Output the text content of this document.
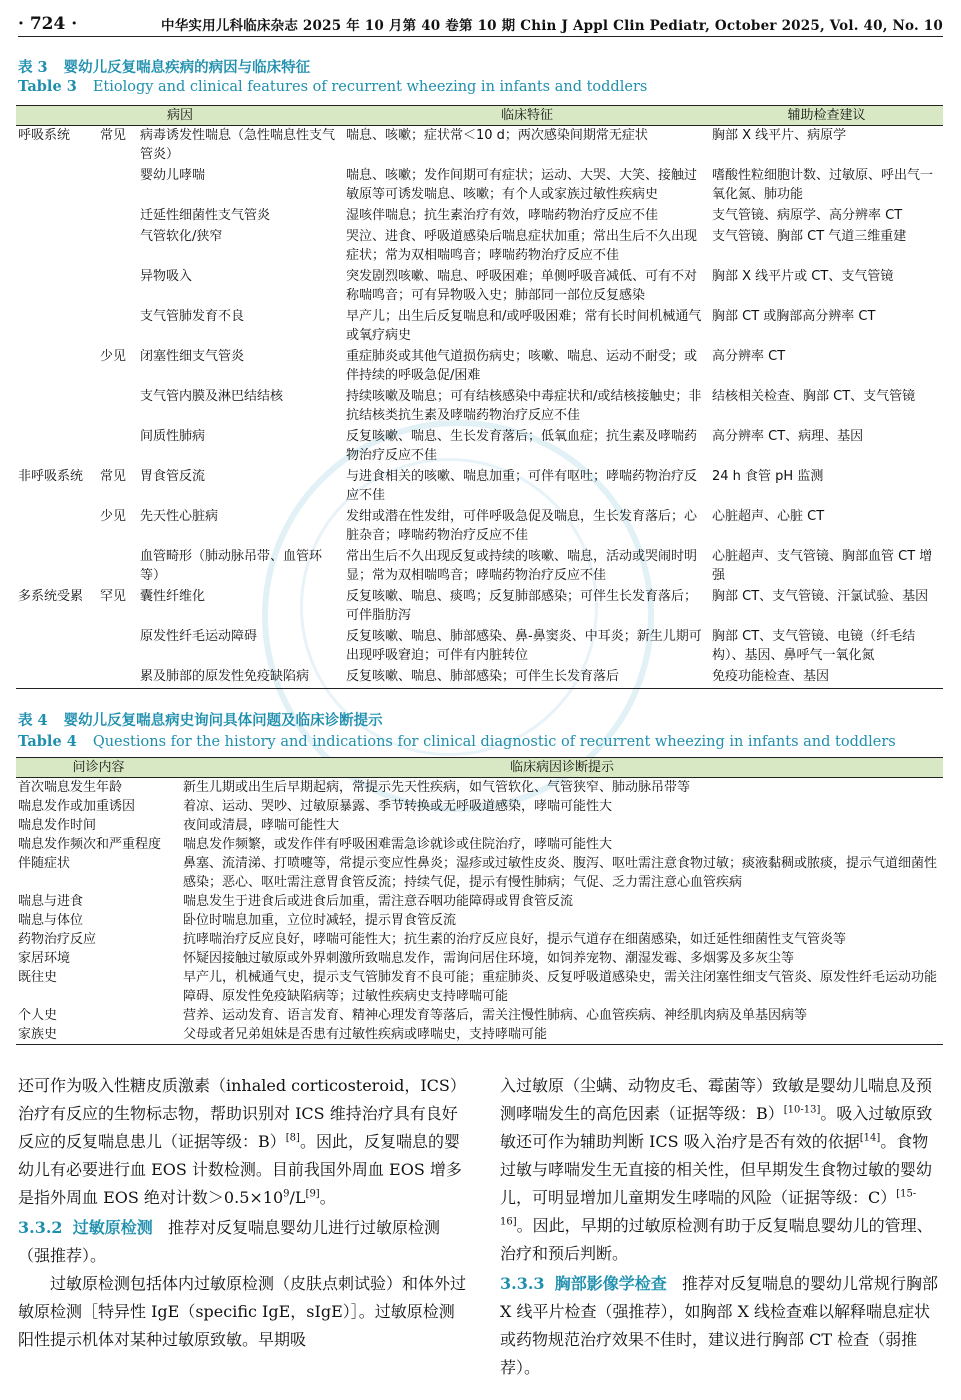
· 724 ·	中华实用儿科临床杂志 2025 年 10 月第 40 卷第 10 期 Chin J Appl Clin Pediatr, October 2025, Vol. 40, No. 10
表 3 婴幼儿反复喘息疾病的病因与临床特征
Table 3 Etiology and clinical features of recurrent wheezing in infants and toddlers
病因			临床特征	辅助检查建议
呼吸系统	常见	病毒诱发性喘息（急性喘息性支气管炎）	喘息、咳嗽；症状常＜10 d；两次感染间期常无症状	胸部 X 线平片、病原学
		婴幼儿哮喘	喘息、咳嗽；发作间期可有症状；运动、大哭、大笑、接触过敏原等可诱发喘息、咳嗽；有个人或家族过敏性疾病史	嗜酸性粒细胞计数、过敏原、呼出气一氧化氮、肺功能
		迁延性细菌性支气管炎	湿咳伴喘息；抗生素治疗有效，哮喘药物治疗反应不佳	支气管镜、病原学、高分辨率 CT
		气管软化/狭窄	哭泣、进食、呼吸道感染后喘息症状加重；常出生后不久出现症状；常为双相喘鸣音；哮喘药物治疗反应不佳	支气管镜、胸部 CT 气道三维重建
		异物吸入	突发剧烈咳嗽、喘息、呼吸困难；单侧呼吸音减低、可有不对称喘鸣音；可有异物吸入史；肺部同一部位反复感染	胸部 X 线平片或 CT、支气管镜
		支气管肺发育不良	早产儿；出生后反复喘息和/或呼吸困难；常有长时间机械通气或氧疗病史	胸部 CT 或胸部高分辨率 CT
	少见	闭塞性细支气管炎	重症肺炎或其他气道损伤病史；咳嗽、喘息、运动不耐受；或伴持续的呼吸急促/困难	高分辨率 CT
		支气管内膜及淋巴结结核	持续咳嗽及喘息；可有结核感染中毒症状和/或结核接触史；非抗结核类抗生素及哮喘药物治疗反应不佳	结核相关检查、胸部 CT、支气管镜
		间质性肺病	反复咳嗽、喘息、生长发育落后；低氧血症；抗生素及哮喘药物治疗反应不佳	高分辨率 CT、病理、基因
非呼吸系统	常见	胃食管反流	与进食相关的咳嗽、喘息加重；可伴有呕吐；哮喘药物治疗反应不佳	24 h 食管 pH 监测
	少见	先天性心脏病	发绀或潜在性发绀，可伴呼吸急促及喘息，生长发育落后；心脏杂音；哮喘药物治疗反应不佳	心脏超声、心脏 CT
		血管畸形（肺动脉吊带、血管环等）	常出生后不久出现反复或持续的咳嗽、喘息，活动或哭闹时明显；常为双相喘鸣音；哮喘药物治疗反应不佳	心脏超声、支气管镜、胸部血管 CT 增强
多系统受累	罕见	囊性纤维化	反复咳嗽、喘息、痰鸣；反复肺部感染；可伴生长发育落后；可伴脂肪泻	胸部 CT、支气管镜、汗氯试验、基因
		原发性纤毛运动障碍	反复咳嗽、喘息、肺部感染、鼻-鼻窦炎、中耳炎；新生儿期可出现呼吸窘迫；可伴有内脏转位	胸部 CT、支气管镜、电镜（纤毛结构）、基因、鼻呼气一氧化氮
		累及肺部的原发性免疫缺陷病	反复咳嗽、喘息、肺部感染；可伴生长发育落后	免疫功能检查、基因
表 4 婴幼儿反复喘息病史询问具体问题及临床诊断提示
Table 4 Questions for the history and indications for clinical diagnostic of recurrent wheezing in infants and toddlers
问诊内容	临床病因诊断提示
首次喘息发生年龄	新生儿期或出生后早期起病，常提示先天性疾病，如气管软化、气管狭窄、肺动脉吊带等
喘息发作或加重诱因	着凉、运动、哭吵、过敏原暴露、季节转换或无呼吸道感染，哮喘可能性大
喘息发作时间	夜间或清晨，哮喘可能性大
喘息发作频次和严重程度	喘息发作频繁，或发作伴有呼吸困难需急诊就诊或住院治疗，哮喘可能性大
伴随症状	鼻塞、流清涕、打喷嚏等，常提示变应性鼻炎；湿疹或过敏性皮炎、腹泻、呕吐需注意食物过敏；痰液黏稠或脓痰，提示气道细菌性感染；恶心、呕吐需注意胃食管反流；持续气促，提示有慢性肺病；气促、乏力需注意心血管疾病
喘息与进食	喘息发生于进食后或进食后加重，需注意吞咽功能障碍或胃食管反流
喘息与体位	卧位时喘息加重，立位时减轻，提示胃食管反流
药物治疗反应	抗哮喘治疗反应良好，哮喘可能性大；抗生素的治疗反应良好，提示气道存在细菌感染，如迁延性细菌性支气管炎等
家居环境	怀疑因接触过敏原或外界刺激所致喘息发作，需询问居住环境，如饲养宠物、潮湿发霉、多烟雾及多灰尘等
既往史	早产儿，机械通气史，提示支气管肺发育不良可能；重症肺炎、反复呼吸道感染史，需关注闭塞性细支气管炎、原发性纤毛运动功能障碍、原发性免疫缺陷病等；过敏性疾病史支持哮喘可能
个人史	营养、运动发育、语言发育、精神心理发育等落后，需关注慢性肺病、心血管疾病、神经肌肉病及单基因病等
家族史	父母或者兄弟姐妹是否患有过敏性疾病或哮喘史，支持哮喘可能

还可作为吸入性糖皮质激素（inhaled corticosteroid，ICS）治疗有反应的生物标志物，帮助识别对 ICS 维持治疗具有良好反应的反复喘息患儿（证据等级：B）[8]。因此，反复喘息的婴幼儿有必要进行血 EOS 计数检测。目前我国外周血 EOS 增多是指外周血 EOS 绝对计数$>0.5\times 10^9/L[9]$。

3.3.2 过敏原检测 推荐对反复喘息婴幼儿进行过敏原检测（强推荐）。

过敏原检测包括体内过敏原检测（皮肤点刺试验）和体外过敏原检测［特异性 IgE（specific IgE，sIgE）］。过敏原检测阳性提示机体对某种过敏原致敏。早期吸

入过敏原（尘螨、动物皮毛、霉菌等）致敏是婴幼儿喘息及预测哮喘发生的高危因素（证据等级：B）[10-13]。吸入过敏原致敏还可作为辅助判断 ICS 吸入治疗是否有效的依据[14]。食物过敏与哮喘发生无直接的相关性，但早期发生食物过敏的婴幼儿，可明显增加儿童期发生哮喘的风险（证据等级：C）[15-16]。因此，早期的过敏原检测有助于反复喘息婴幼儿的管理、治疗和预后判断。

3.3.3 胸部影像学检查 推荐对反复喘息的婴幼儿常规行胸部 X 线平片检查（强推荐），如胸部 X 线检查难以解释喘息症状或药物规范治疗效果不佳时，建议进行胸部 CT 检查（弱推荐）。
